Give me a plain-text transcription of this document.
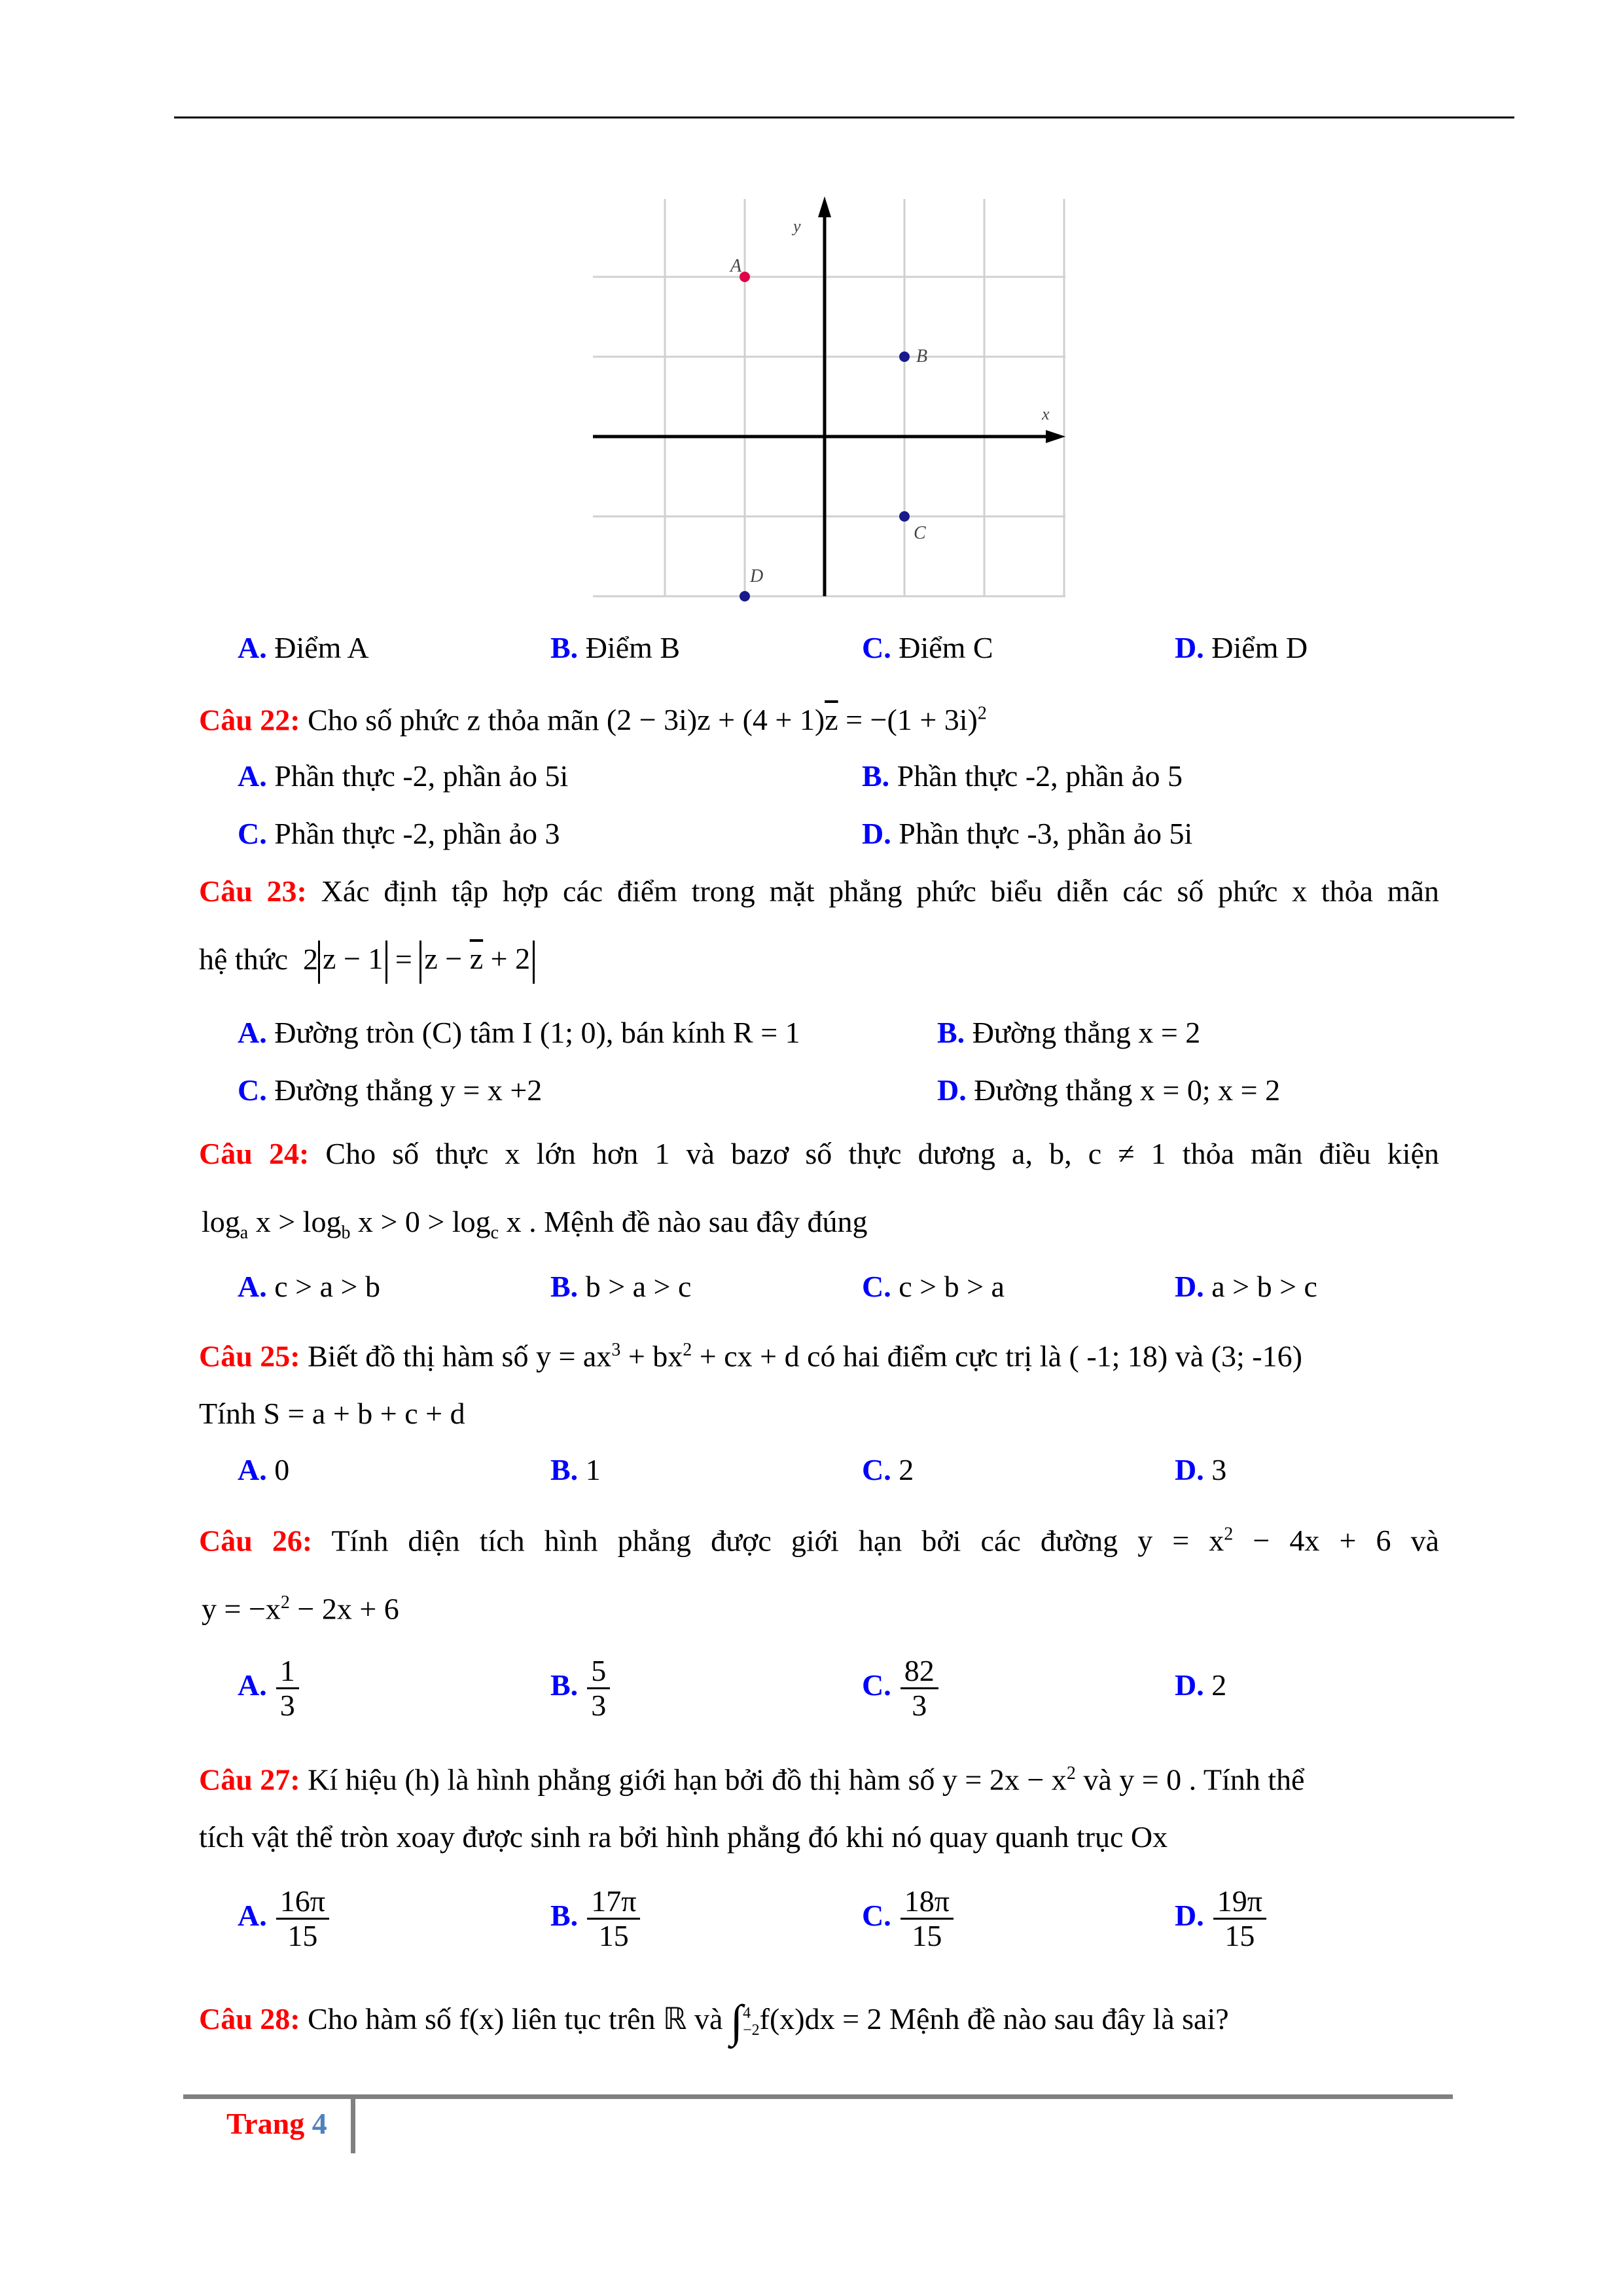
x
y
A
B
C
D
A. Điểm A	B. Điểm B	C. Điểm C	D. Điểm D
Câu 22: Cho số phức z thỏa mãn $(2 - 3i)z + (4 + 1)\overline{z} = -(1 + 3i)^2$
A. Phần thực -2, phần ảo 5i	B. Phần thực -2, phần ảo 5
C. Phần thực -2, phần ảo 3	D. Phần thực -3, phần ảo 5i
Câu 23: Xác định tập hợp các điểm trong mặt phẳng phức biểu diễn các số phức x thỏa mãn
hệ thức 2 $z - 1 = z - \overline{z} + 2$
A. Đường tròn (C) tâm I (1; 0), bán kính R = 1	B. Đường thẳng x = 2
C. Đường thẳng y = x +2	D. Đường thẳng x = 0; x = 2
Câu 24: Cho số thực x lớn hơn 1 và bazơ số thực dương a, b, c ≠ 1 thỏa mãn điều kiện
$\log_a x > \log_b x > 0 > \log_c x$ . Mệnh đề nào sau đây đúng
A. c > a > b	B. b > a > c	C. c > b > a	D. a > b > c
Câu 25: Biết đồ thị hàm số $y = ax^3 + bx^2$ + cx + d có hai điểm cực trị là ( -1; 18) và (3; -16)
Tính S = a + b + c + d
A. 0	B. 1	C. 2	D. 3
Câu 26: Tính diện tích hình phẳng được giới hạn bởi các đường $y = x^2 - 4x + 6$ và
$y = -x^2 - 2x + 6$
A. $\frac{1}{3}$	B. $\frac{5}{3}$	C. $\frac{82}{3}$	D. 2
Câu 27: Kí hiệu (h) là hình phẳng giới hạn bởi đồ thị hàm số $y = 2x - x^2$ và y = 0 . Tính thể
tích vật thể tròn xoay được sinh ra bởi hình phẳng đó khi nó quay quanh trục Ox
A. $\frac{16\pi}{15}$	B. $\frac{17\pi}{15}$	C. $\frac{18\pi}{15}$	D. $\frac{19\pi}{15}$
Câu 28: Cho hàm số f(x) liên tục trên ℝ và ∫ 4
−2 f(x)dx = 2 Mệnh đề nào sau đây là sai?
Trang 4
